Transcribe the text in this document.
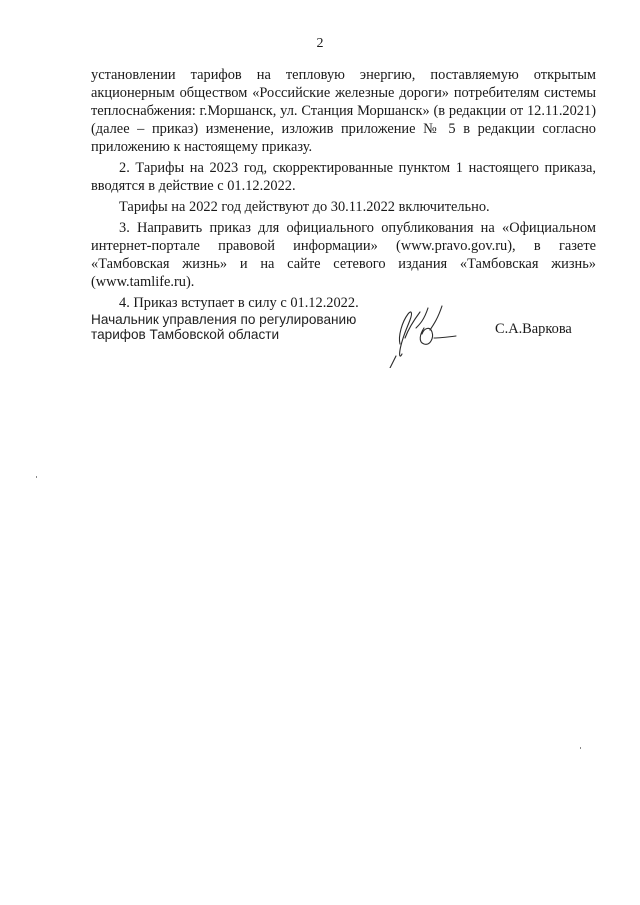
2

установлении тарифов на тепловую энергию, поставляемую открытым акционерным обществом «Российские железные дороги» потребителям системы теплоснабжения: г.Моршанск, ул. Станция Моршанск» (в редакции от 12.11.2021) (далее – приказ) изменение, изложив приложение № 5 в редакции согласно приложению к настоящему приказу.

2. Тарифы на 2023 год, скорректированные пунктом 1 настоящего приказа, вводятся в действие с 01.12.2022.

Тарифы на 2022 год действуют до 30.11.2022 включительно.

3. Направить приказ для официального опубликования на «Официальном интернет-портале правовой информации» (www.pravo.gov.ru), в газете «Тамбовская жизнь» и на сайте сетевого издания «Тамбовская жизнь» (www.tamlife.ru).

4. Приказ вступает в силу с 01.12.2022.

Начальник управления по регулированию
тарифов Тамбовской области	С.А.Варкова
